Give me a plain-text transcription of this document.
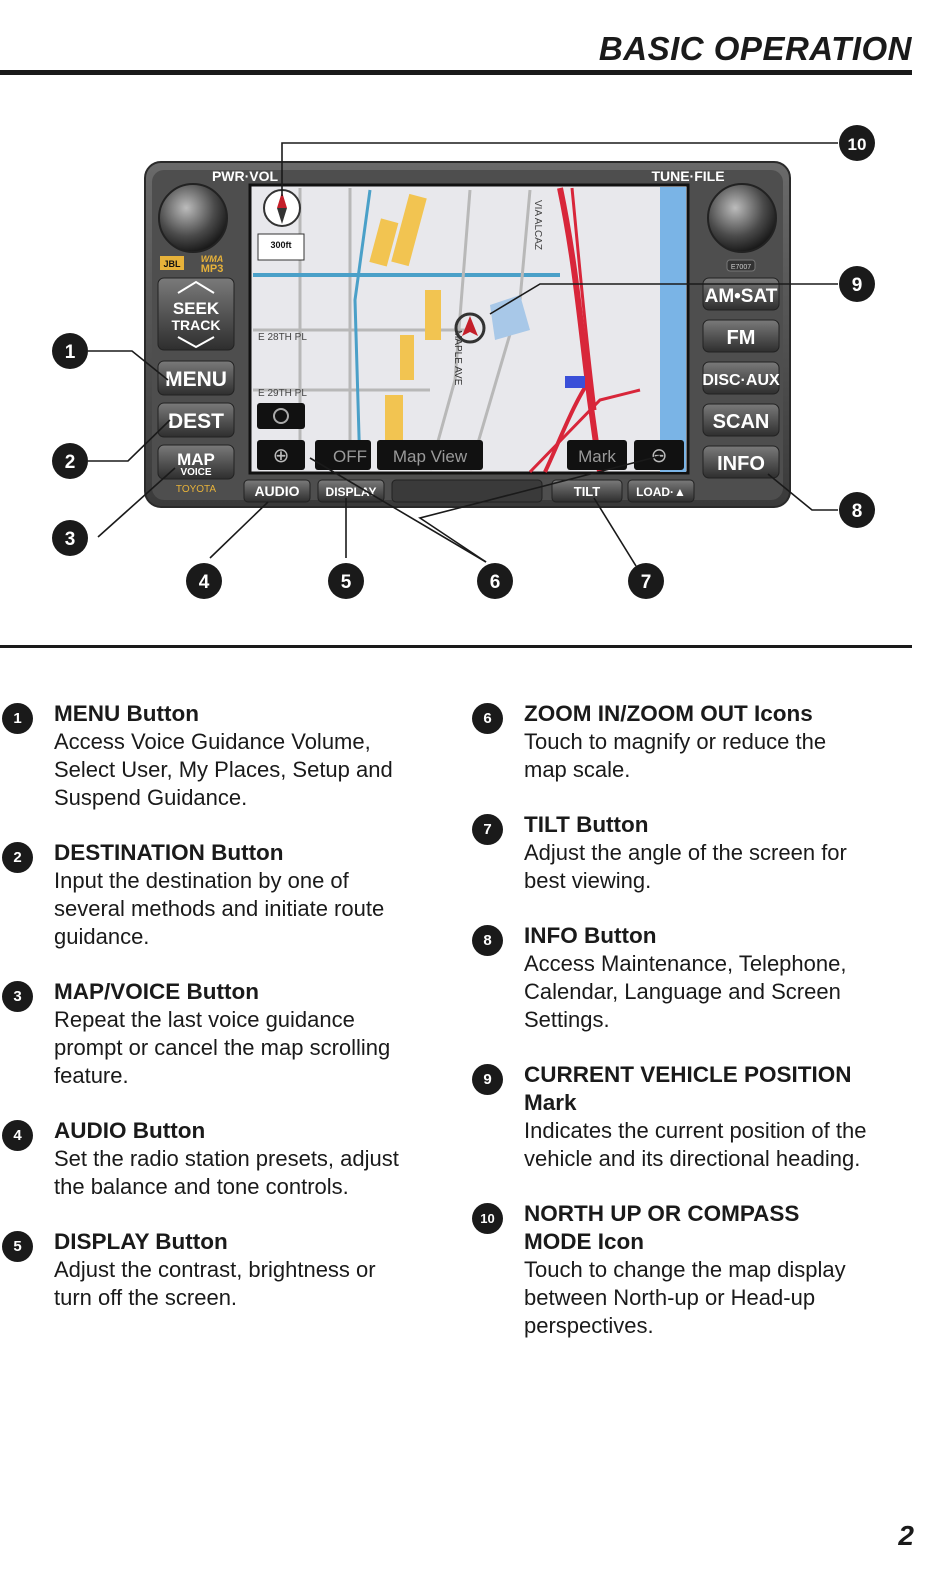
BASIC OPERATION
MAPLE AVE
E 28TH PL
E 29TH PL
VIA ALCAZ
300ft
⊕	OFF Map View	Mark ⊖
PWR·VOL	TUNE·FILE
JBL WMA
MP3	E7007
SEEK
TRACK
MENU
DEST
MAP
VOICE
TOYOTA
AM•SAT
FM
DISC·AUX
SCAN
INFO
AUDIO DISPLAY	TILT	LOAD·▲
1
2
3
4	5	6	7
8
9
10
1	MENU Button
Access Voice Guidance Volume, Select User, My Places, Setup and Suspend Guidance.
2	DESTINATION Button
Input the destination by one of several methods and initiate route guidance.
3	MAP/VOICE Button
Repeat the last voice guidance prompt or cancel the map scrolling feature.
4	AUDIO Button
Set the radio station presets, adjust the balance and tone controls.
5	DISPLAY Button
Adjust the contrast, brightness or turn off the screen.
6	ZOOM IN/ZOOM OUT Icons
Touch to magnify or reduce the map scale.
7	TILT Button
Adjust the angle of the screen for best viewing.
8	INFO Button
Access Maintenance, Telephone, Calendar, Language and Screen Settings.
9	CURRENT VEHICLE POSITION Mark
Indicates the current position of the vehicle and its directional heading.
10	NORTH UP OR COMPASS MODE Icon
Touch to change the map display between North-up or Head-up perspectives.
2
